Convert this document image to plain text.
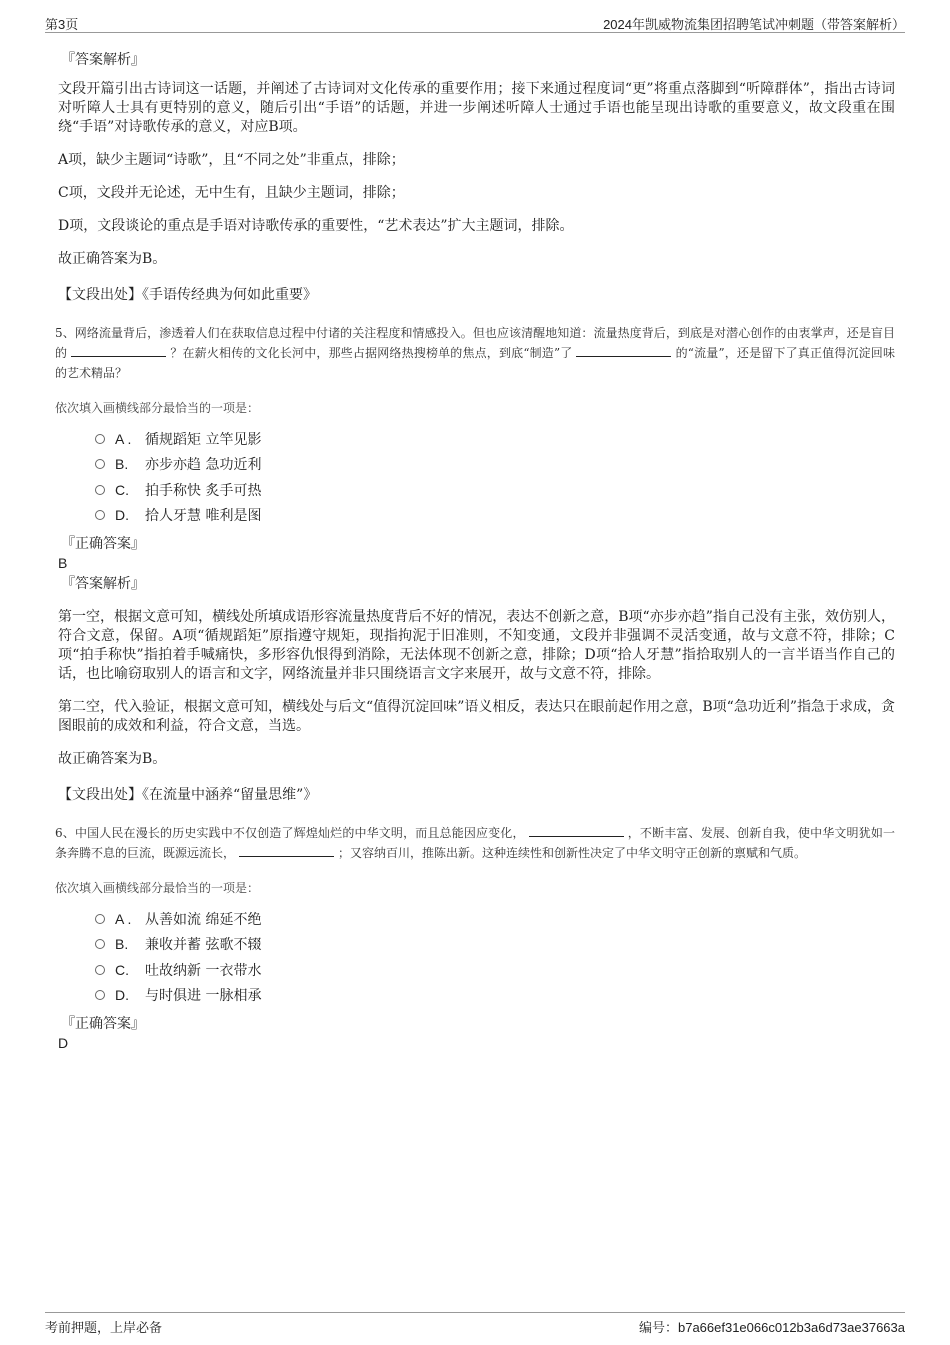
第3页	2024年凯威物流集团招聘笔试冲刺题（带答案解析）
『答案解析』
文段开篇引出古诗词这一话题，并阐述了古诗词对文化传承的重要作用；接下来通过程度词“更”将重点落脚到“听障群体”，指出古诗词对听障人士具有更特别的意义，随后引出“手语”的话题，并进一步阐述听障人士通过手语也能呈现出诗歌的重要意义，故文段重在围绕“手语”对诗歌传承的意义，对应B项。
A项，缺少主题词“诗歌”，且“不同之处”非重点，排除；
C项，文段并无论述，无中生有，且缺少主题词，排除；
D项，文段谈论的重点是手语对诗歌传承的重要性，“艺术表达”扩大主题词，排除。
故正确答案为B。
【文段出处】《手语传经典为何如此重要》
5、网络流量背后，渗透着人们在获取信息过程中付诸的关注程度和情感投入。但也应该清醒地知道：流量热度背后，到底是对潜心创作的由衷掌声，还是盲目的	？在薪火相传的文化长河中，那些占据网络热搜榜单的焦点，到底“制造”了	的“流量”，还是留下了真正值得沉淀回味的艺术精品？
依次填入画横线部分最恰当的一项是：
A . 循规蹈矩 立竿见影
B.	亦步亦趋 急功近利
C.	拍手称快 炙手可热
D.	拾人牙慧 唯利是图
『正确答案』
B
『答案解析』
第一空，根据文意可知，横线处所填成语形容流量热度背后不好的情况，表达不创新之意，B项“亦步亦趋”指自己没有主张，效仿别人，符合文意，保留。A项“循规蹈矩”原指遵守规矩，现指拘泥于旧准则，不知变通，文段并非强调不灵活变通，故与文意不符，排除；C项“拍手称快”指拍着手喊痛快，多形容仇恨得到消除，无法体现不创新之意，排除；D项“拾人牙慧”指拾取别人的一言半语当作自己的话，也比喻窃取别人的语言和文字，网络流量并非只围绕语言文字来展开，故与文意不符，排除。
第二空，代入验证，根据文意可知，横线处与后文“值得沉淀回味”语义相反，表达只在眼前起作用之意，B项“急功近利”指急于求成，贪图眼前的成效和利益，符合文意，当选。
故正确答案为B。
【文段出处】《在流量中涵养“留量思维”》
6、中国人民在漫长的历史实践中不仅创造了辉煌灿烂的中华文明，而且总能因应变化，	，不断丰富、发展、创新自我，使中华文明犹如一条奔腾不息的巨流，既源远流长，	；又容纳百川，推陈出新。这种连续性和创新性决定了中华文明守正创新的禀赋和气质。
依次填入画横线部分最恰当的一项是：
A . 从善如流 绵延不绝
B.	兼收并蓄 弦歌不辍
C.	吐故纳新 一衣带水
D.	与时俱进 一脉相承
『正确答案』
D
考前押题，上岸必备	编号：b7a66ef31e066c012b3a6d73ae37663a
